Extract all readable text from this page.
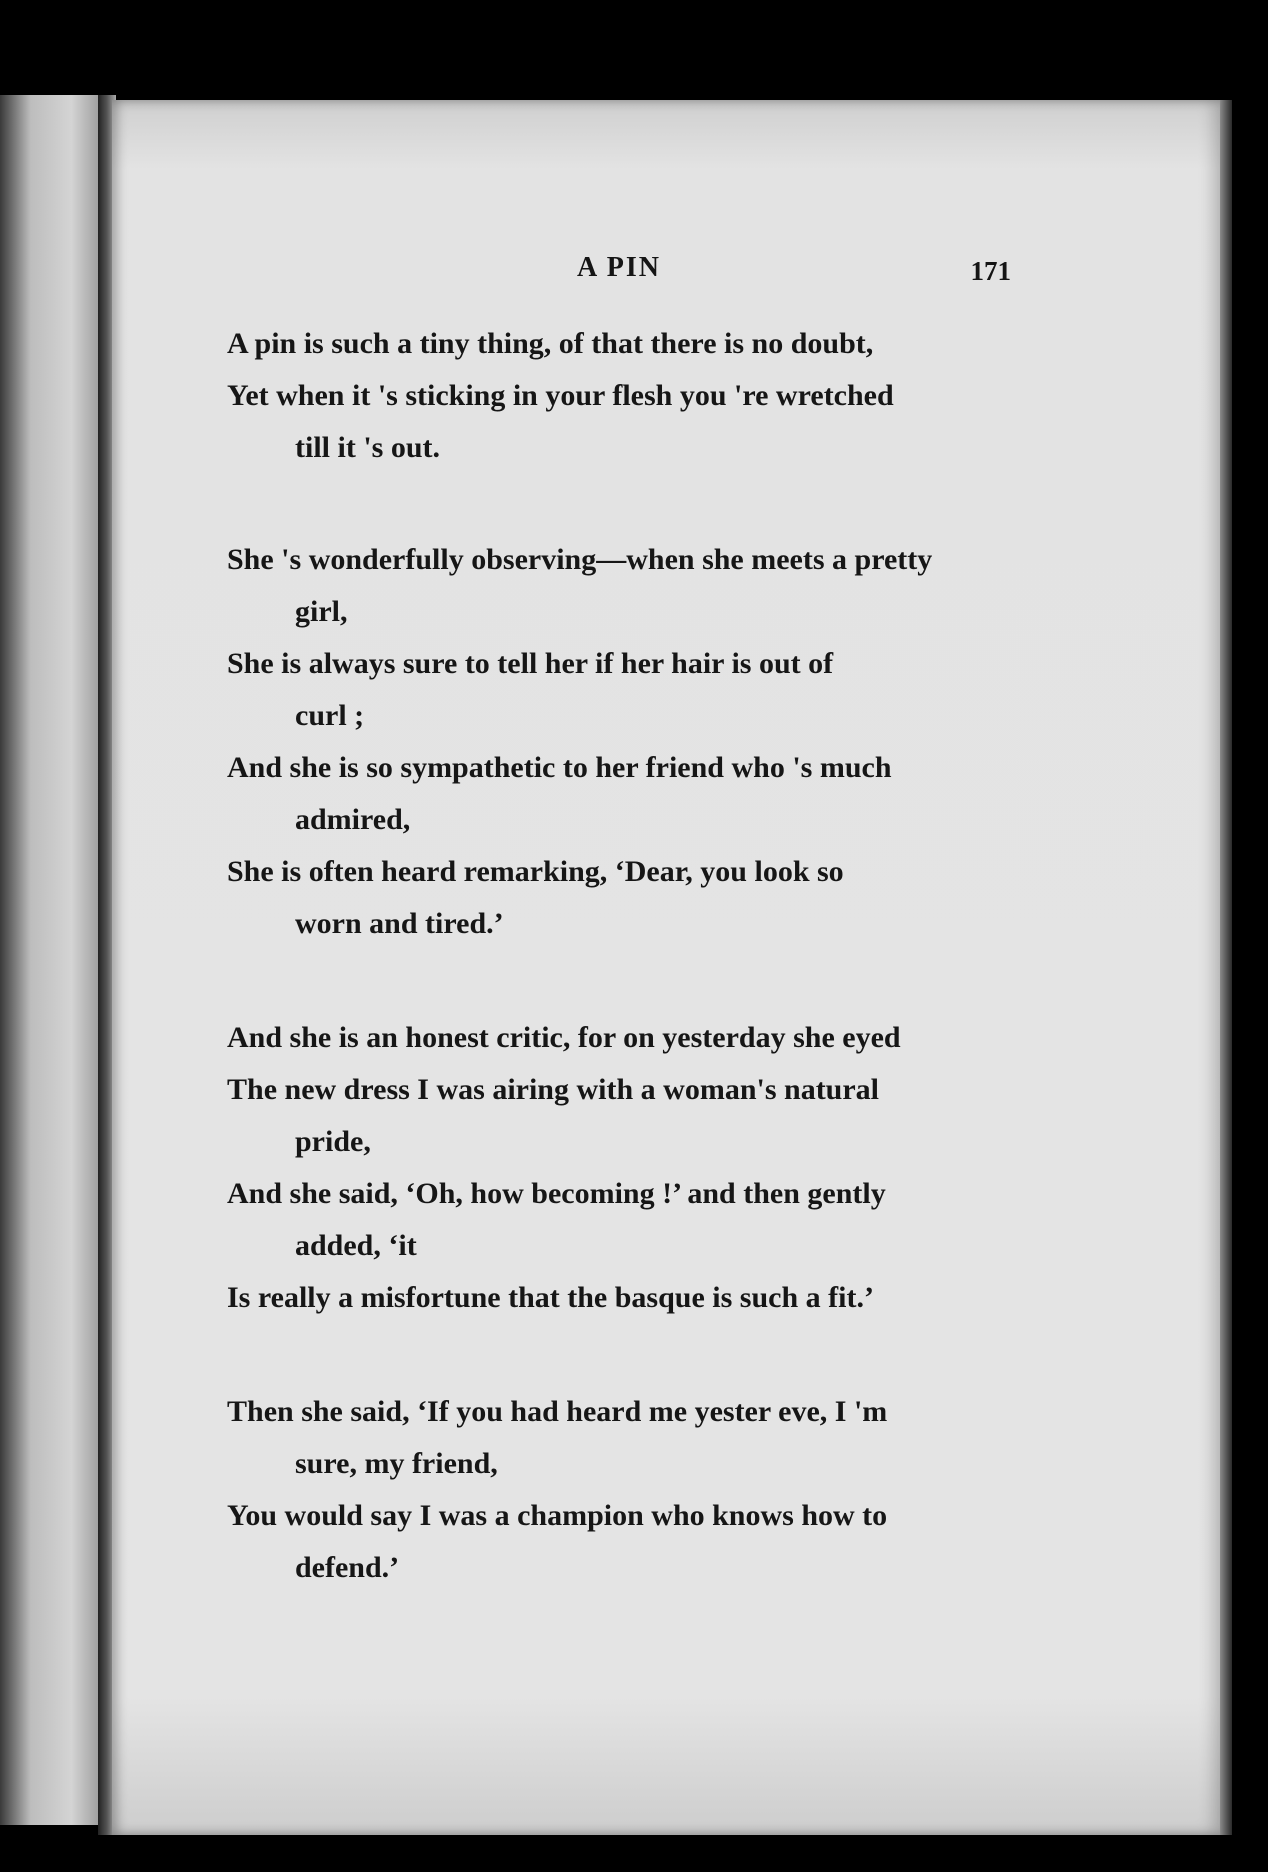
A PIN	171
A pin is such a tiny thing, of that there is no doubt,
Yet when it 's sticking in your flesh you 're wretched
till it 's out.
She 's wonderfully observing—when she meets a pretty
girl,
She is always sure to tell her if her hair is out of
curl ;
And she is so sympathetic to her friend who 's much
admired,
She is often heard remarking, ‘Dear, you look so
worn and tired.’
And she is an honest critic, for on yesterday she eyed
The new dress I was airing with a woman's natural
pride,
And she said, ‘Oh, how becoming !’ and then gently
added, ‘it
Is really a misfortune that the basque is such a fit.’
Then she said, ‘If you had heard me yester eve, I 'm
sure, my friend,
You would say I was a champion who knows how to
defend.’
